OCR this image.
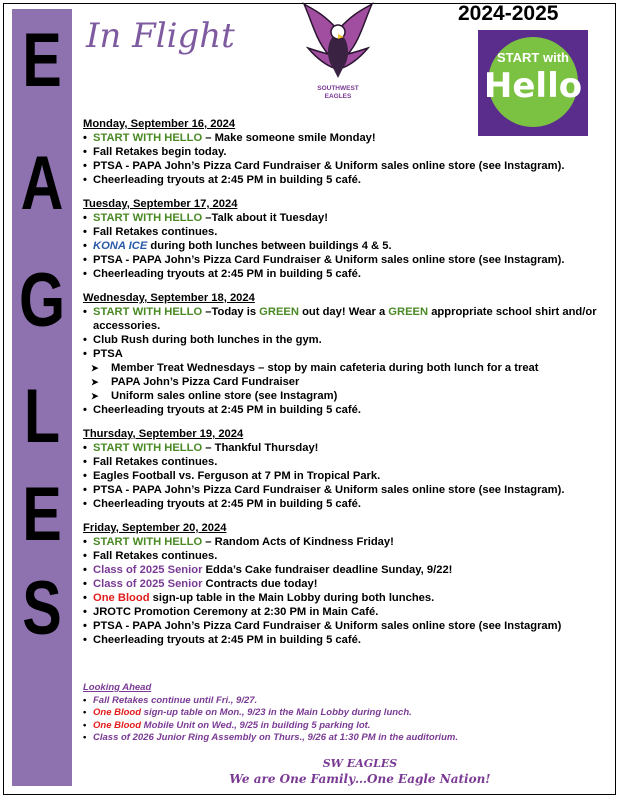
E
A
G
L
E
S
In Flight
SOUTHWEST
EAGLES
2024-2025
START with
Hello
Monday, September 16, 2024
• START WITH HELLO – Make someone smile Monday!
• Fall Retakes begin today.
• PTSA - PAPA John’s Pizza Card Fundraiser & Uniform sales online store (see Instagram).
• Cheerleading tryouts at 2:45 PM in building 5 café.
Tuesday, September 17, 2024
• START WITH HELLO –Talk about it Tuesday!
• Fall Retakes continues.
• KONA ICE during both lunches between buildings 4 & 5.
• PTSA - PAPA John’s Pizza Card Fundraiser & Uniform sales online store (see Instagram).
• Cheerleading tryouts at 2:45 PM in building 5 café.
Wednesday, September 18, 2024
• START WITH HELLO –Today is GREEN out day! Wear a GREEN appropriate school shirt and/or accessories.
• Club Rush during both lunches in the gym.
• PTSA
➤ Member Treat Wednesdays – stop by main cafeteria during both lunch for a treat
➤ PAPA John’s Pizza Card Fundraiser
➤ Uniform sales online store (see Instagram)
• Cheerleading tryouts at 2:45 PM in building 5 café.
Thursday, September 19, 2024
• START WITH HELLO – Thankful Thursday!
• Fall Retakes continues.
• Eagles Football vs. Ferguson at 7 PM in Tropical Park.
• PTSA - PAPA John’s Pizza Card Fundraiser & Uniform sales online store (see Instagram).
• Cheerleading tryouts at 2:45 PM in building 5 café.
Friday, September 20, 2024
• START WITH HELLO – Random Acts of Kindness Friday!
• Fall Retakes continues.
• Class of 2025 Senior Edda’s Cake fundraiser deadline Sunday, 9/22!
• Class of 2025 Senior Contracts due today!
• One Blood sign-up table in the Main Lobby during both lunches.
• JROTC Promotion Ceremony at 2:30 PM in Main Café.
• PTSA - PAPA John’s Pizza Card Fundraiser & Uniform sales online store (see Instagram)
• Cheerleading tryouts at 2:45 PM in building 5 café.
Looking Ahead
• Fall Retakes continue until Fri., 9/27.
• One Blood sign-up table on Mon., 9/23 in the Main Lobby during lunch.
• One Blood Mobile Unit on Wed., 9/25 in building 5 parking lot.
• Class of 2026 Junior Ring Assembly on Thurs., 9/26 at 1:30 PM in the auditorium.
SW EAGLES
We are One Family…One Eagle Nation!
